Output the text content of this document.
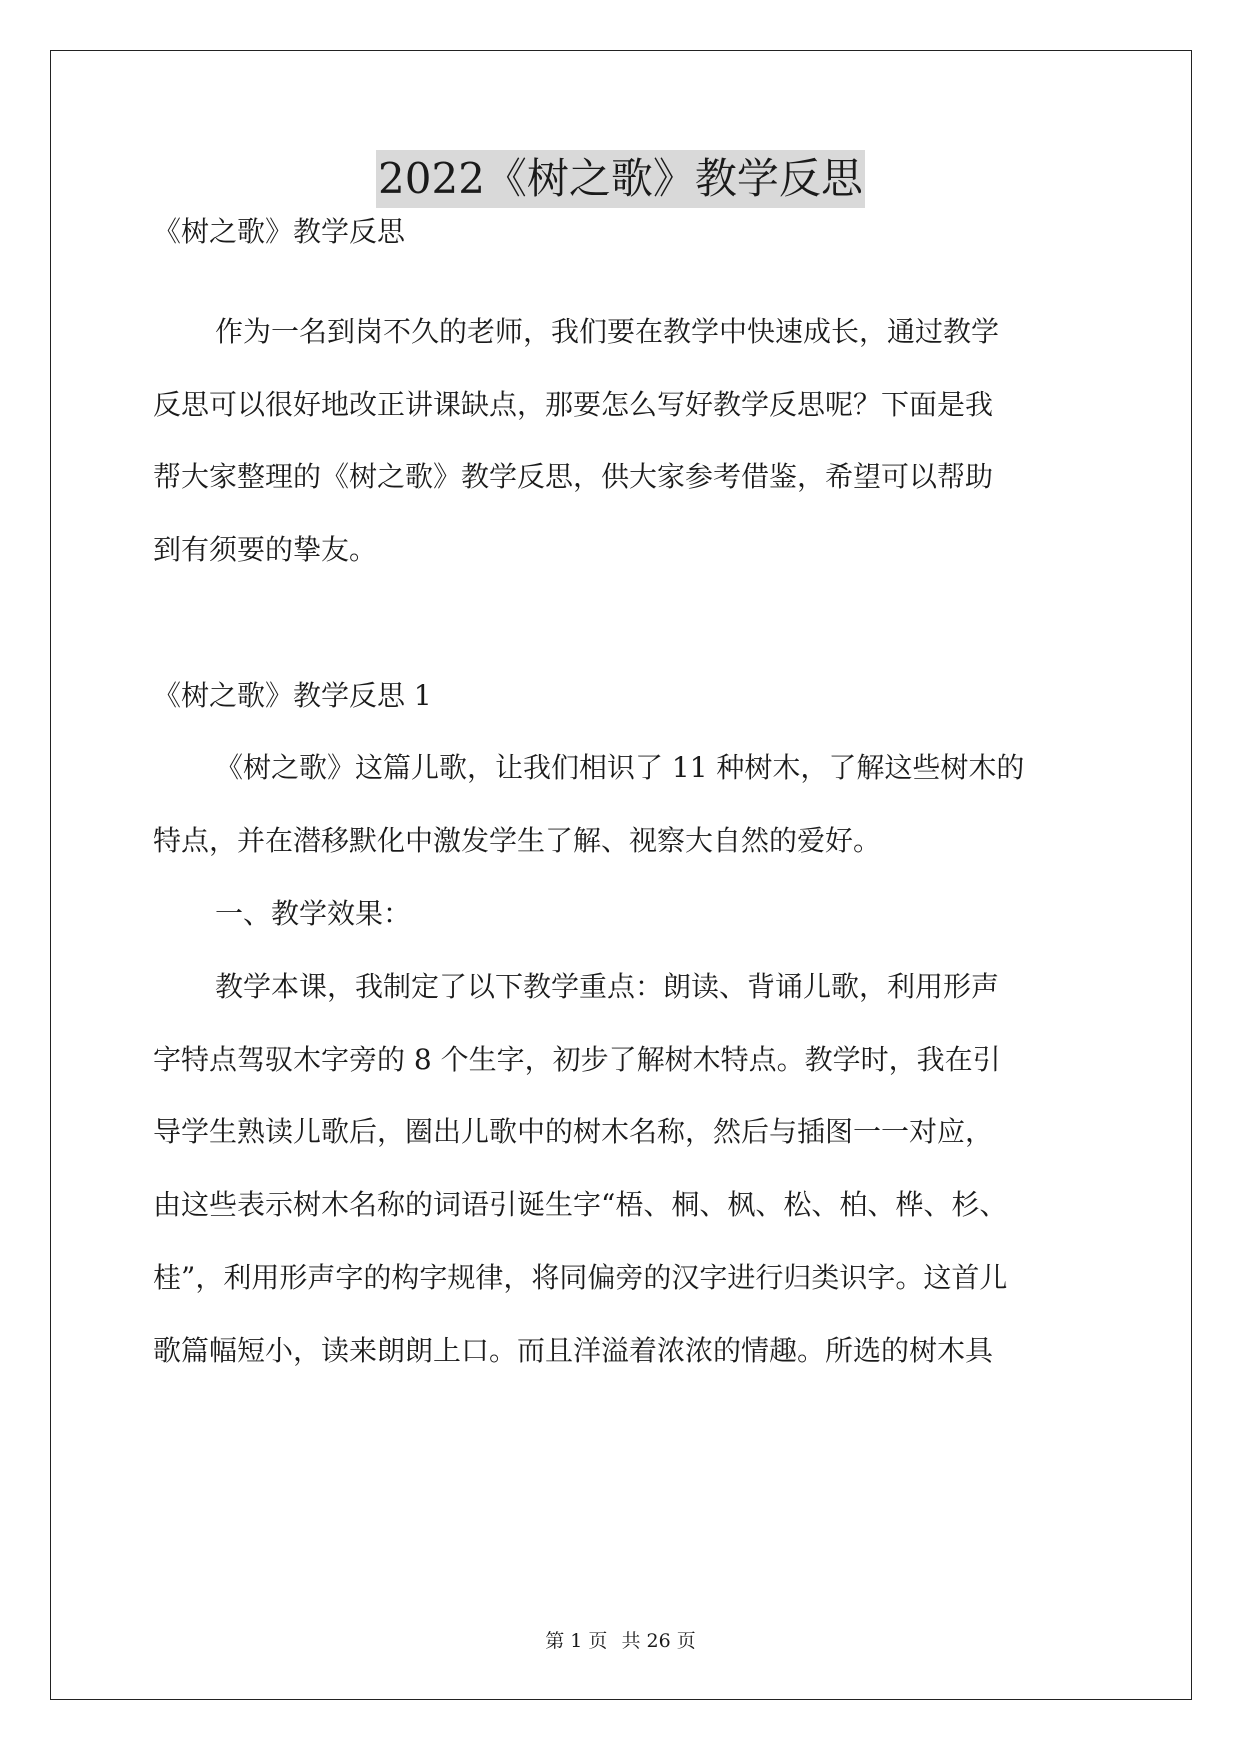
2022《树之歌》教学反思
《树之歌》教学反思
作为一名到岗不久的老师，我们要在教学中快速成长，通过教学
反思可以很好地改正讲课缺点，那要怎么写好教学反思呢？下面是我
帮大家整理的《树之歌》教学反思，供大家参考借鉴，希望可以帮助
到有须要的挚友。
《树之歌》教学反思 1
《树之歌》这篇儿歌，让我们相识了 11 种树木，了解这些树木的
特点，并在潜移默化中激发学生了解、视察大自然的爱好。
一、教学效果：
教学本课，我制定了以下教学重点：朗读、背诵儿歌，利用形声
字特点驾驭木字旁的 8 个生字，初步了解树木特点。教学时，我在引
导学生熟读儿歌后，圈出儿歌中的树木名称，然后与插图一一对应，
由这些表示树木名称的词语引诞生字“梧、桐、枫、松、柏、桦、杉、
桂”，利用形声字的构字规律，将同偏旁的汉字进行归类识字。这首儿
歌篇幅短小，读来朗朗上口。而且洋溢着浓浓的情趣。所选的树木具
第 1 页 共 26 页
